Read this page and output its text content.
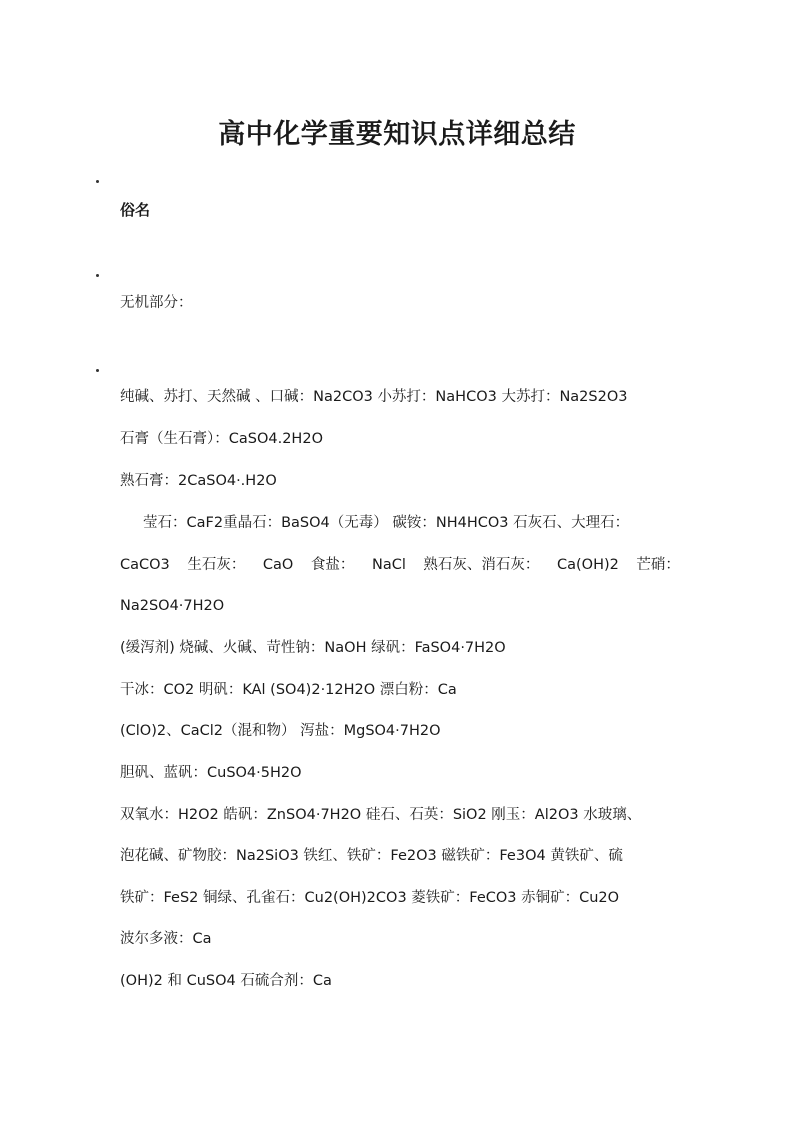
高中化学重要知识点详细总结
俗名
无机部分：
纯碱、苏打、天然碱 、口碱：Na2CO3 小苏打：NaHCO3 大苏打：Na2S2O3
石膏（生石膏）：CaSO4.2H2O
熟石膏：2CaSO4·.H2O
莹石：CaF2重晶石：BaSO4（无毒） 碳铵：NH4HCO3 石灰石、大理石：
CaCO3 生石灰： CaO 食盐： NaCl 熟石灰、消石灰： Ca(OH)2 芒硝：
Na2SO4·7H2O
(缓泻剂) 烧碱、火碱、苛性钠：NaOH 绿矾：FaSO4·7H2O
干冰：CO2 明矾：KAl (SO4)2·12H2O 漂白粉：Ca
(ClO)2、CaCl2（混和物） 泻盐：MgSO4·7H2O
胆矾、蓝矾：CuSO4·5H2O
双氧水：H2O2 皓矾：ZnSO4·7H2O 硅石、石英：SiO2 刚玉：Al2O3 水玻璃、
泡花碱、矿物胶：Na2SiO3 铁红、铁矿：Fe2O3 磁铁矿：Fe3O4 黄铁矿、硫
铁矿：FeS2 铜绿、孔雀石：Cu2(OH)2CO3 菱铁矿：FeCO3 赤铜矿：Cu2O
波尔多液：Ca
(OH)2 和 CuSO4 石硫合剂：Ca
